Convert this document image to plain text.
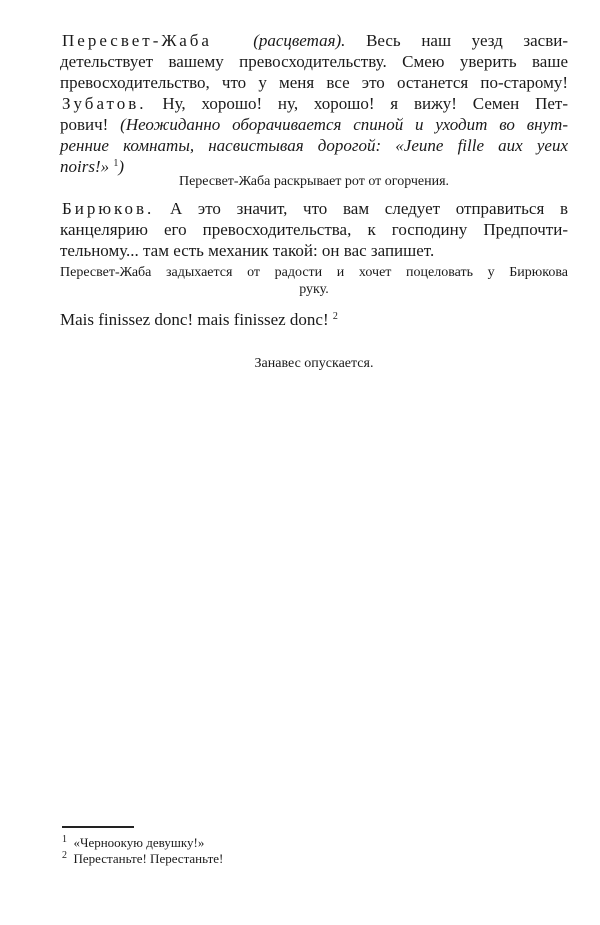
Пересвет-Жаба (расцветая). Весь наш уезд засви-
детельствует вашему превосходительству. Смею уверить ваше
превосходительство, что у меня все это останется по-старому!
Зубатов. Ну, хорошо! ну, хорошо! я вижу! Семен Пет-
рович! (Неожиданно оборачивается спиной и уходит во внут-
ренние комнаты, насвистывая дорогой: «Jeune fille aux yeux
noirs!» $^1$)
Пересвет-Жаба раскрывает рот от огорчения.
Бирюков. А это значит, что вам следует отправиться в
канцелярию его превосходительства, к господину Предпочти-
тельному... там есть механик такой: он вас запишет.
Пересвет-Жаба задыхается от радости и хочет поцеловать у Бирюкова
руку.
Mais finissez donc! mais finissez donc! $^2$
Занавес опускается.
$^1$ «Черноокую девушку!»
$^2$ Перестаньте! Перестаньте!
